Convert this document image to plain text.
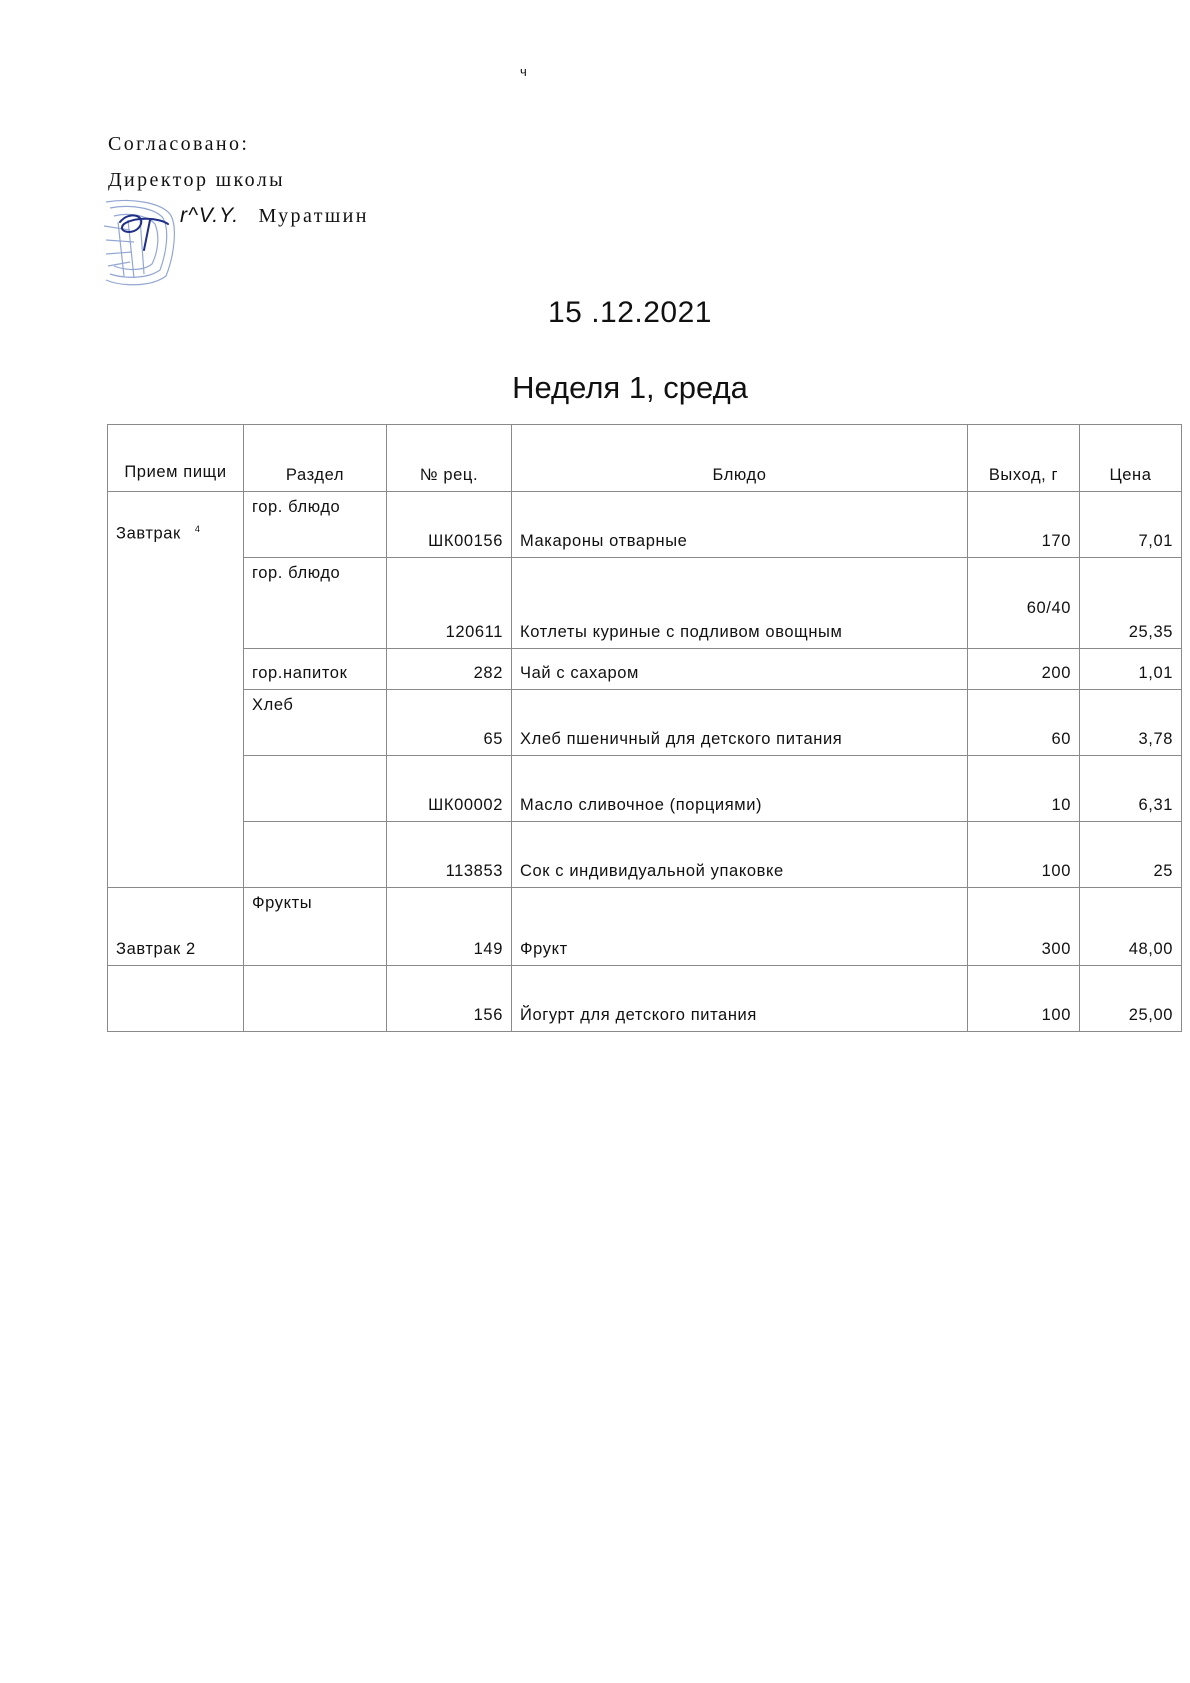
ч
Согласовано:
Директор школы
r^V.Y. Муратшин
15 .12.2021
Неделя 1, среда
Прием пищи	Раздел	№ рец.	Блюдо	Выход, г	Цена
Завтрак $^4$	гор. блюдо	ШК00156	Макароны отварные	170	7,01
	гор. блюдо	120611	Котлеты куриные с подливом овощным	60/40	25,35
	гор.напиток	282	Чай с сахаром	200	1,01
	Хлеб	65	Хлеб пшеничный для детского питания	60	3,78
		ШК00002	Масло сливочное (порциями)	10	6,31
		113853	Сок с индивидуальной упаковке	100	25
Завтрак 2	Фрукты	149	Фрукт	300	48,00
		156	Йогурт для детского питания	100	25,00
